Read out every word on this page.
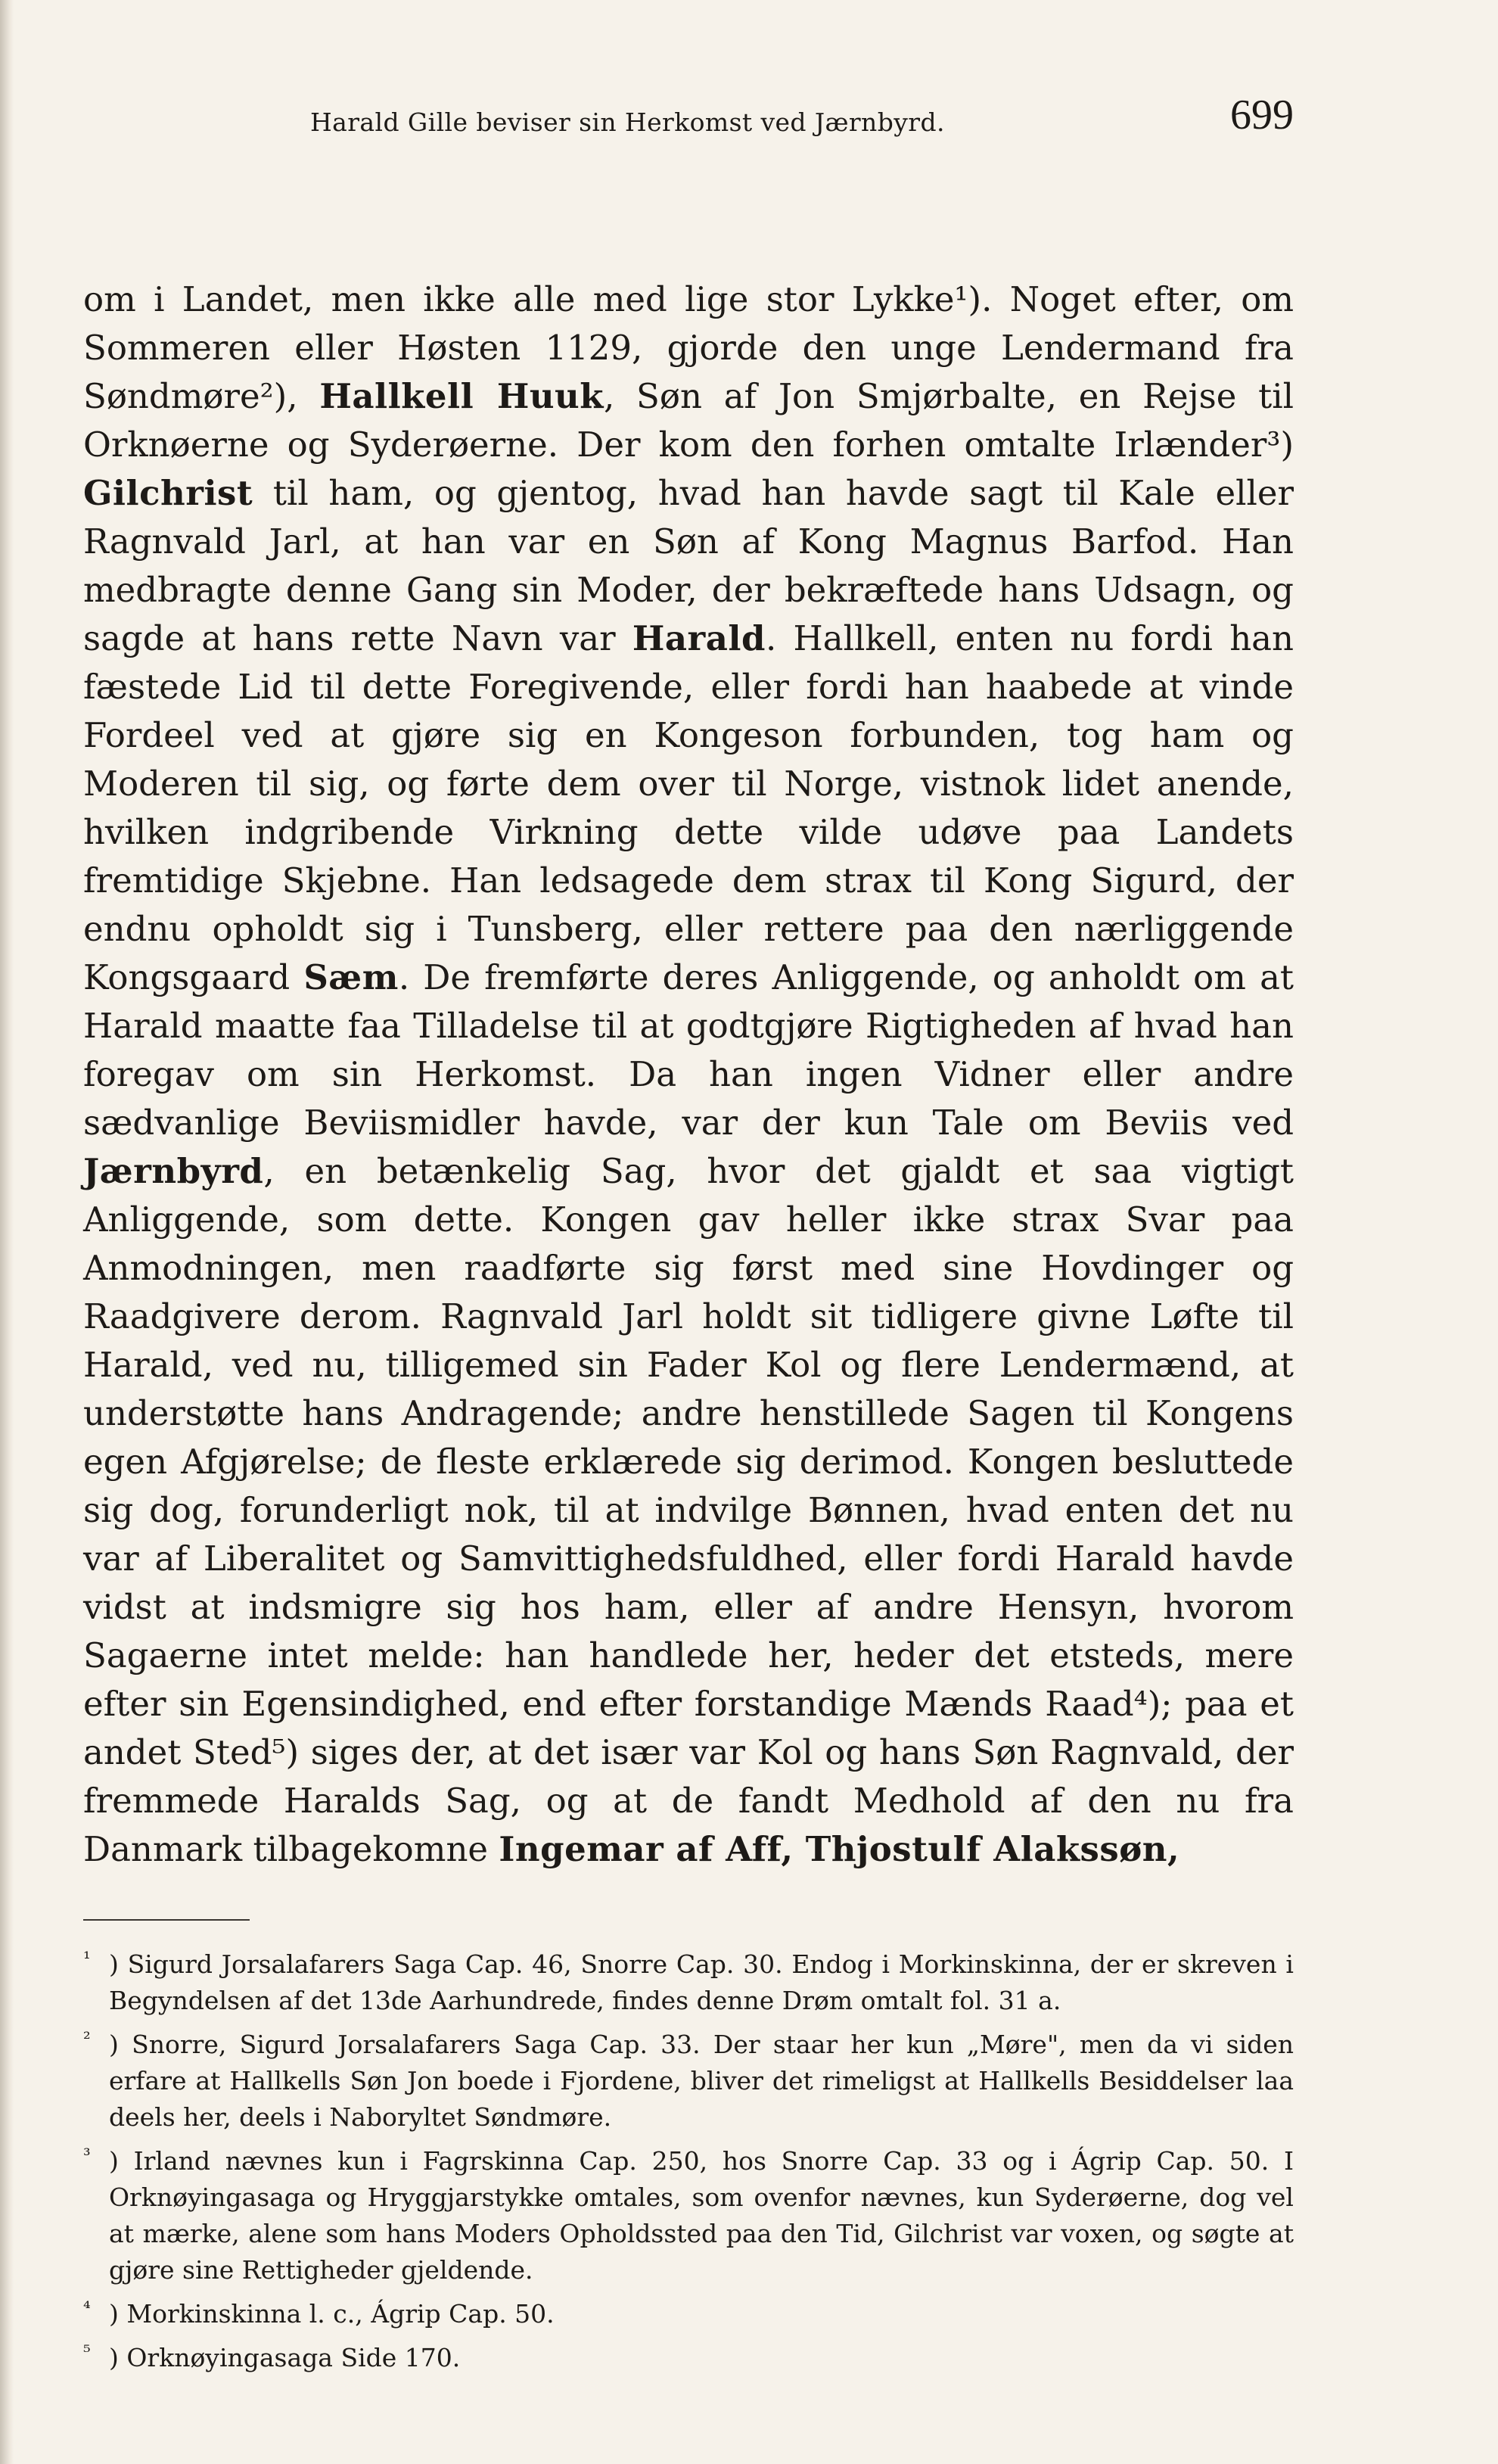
Harald Gille beviser sin Herkomst ved Jærnbyrd.	699

om i Landet, men ikke alle med lige stor Lykke¹). Noget efter, om Sommeren eller Høsten 1129, gjorde den unge Lendermand fra Søndmøre²), Hallkell Huuk, Søn af Jon Smjørbalte, en Rejse til Orknøerne og Syderøerne. Der kom den forhen omtalte Irlænder³) Gilchrist til ham, og gjentog, hvad han havde sagt til Kale eller Ragnvald Jarl, at han var en Søn af Kong Magnus Barfod. Han medbragte denne Gang sin Moder, der bekræftede hans Udsagn, og sagde at hans rette Navn var Harald. Hallkell, enten nu fordi han fæstede Lid til dette Foregivende, eller fordi han haabede at vinde Fordeel ved at gjøre sig en Kongeson forbunden, tog ham og Moderen til sig, og førte dem over til Norge, vistnok lidet anende, hvilken indgribende Virkning dette vilde udøve paa Landets fremtidige Skjebne. Han ledsagede dem strax til Kong Sigurd, der endnu opholdt sig i Tunsberg, eller rettere paa den nærliggende Kongsgaard Sæm. De fremførte deres Anliggende, og anholdt om at Harald maatte faa Tilladelse til at godtgjøre Rigtigheden af hvad han foregav om sin Herkomst. Da han ingen Vidner eller andre sædvanlige Beviismidler havde, var der kun Tale om Beviis ved Jærnbyrd, en betænkelig Sag, hvor det gjaldt et saa vigtigt Anliggende, som dette. Kongen gav heller ikke strax Svar paa Anmodningen, men raadførte sig først med sine Hovdinger og Raadgivere derom. Ragnvald Jarl holdt sit tidligere givne Løfte til Harald, ved nu, tilligemed sin Fader Kol og flere Lendermænd, at understøtte hans Andragende; andre henstillede Sagen til Kongens egen Afgjørelse; de fleste erklærede sig derimod. Kongen besluttede sig dog, forunderligt nok, til at indvilge Bønnen, hvad enten det nu var af Liberalitet og Samvittighedsfuldhed, eller fordi Harald havde vidst at indsmigre sig hos ham, eller af andre Hensyn, hvorom Sagaerne intet melde: han handlede her, heder det etsteds, mere efter sin Egensindighed, end efter forstandige Mænds Raad⁴); paa et andet Sted⁵) siges der, at det især var Kol og hans Søn Ragnvald, der fremmede Haralds Sag, og at de fandt Medhold af den nu fra Danmark tilbagekomne Ingemar af Aff, Thjostulf Alakssøn,

¹ ) Sigurd Jorsalafarers Saga Cap. 46, Snorre Cap. 30. Endog i Morkinskinna, der er skreven i Begyndelsen af det 13de Aarhundrede, findes denne Drøm omtalt fol. 31 a.
² ) Snorre, Sigurd Jorsalafarers Saga Cap. 33. Der staar her kun „Møre", men da vi siden erfare at Hallkells Søn Jon boede i Fjordene, bliver det rimeligst at Hallkells Besiddelser laa deels her, deels i Naboryltet Søndmøre.
³ ) Irland nævnes kun i Fagrskinna Cap. 250, hos Snorre Cap. 33 og i Ágrip Cap. 50. I Orknøyingasaga og Hryggjarstykke omtales, som ovenfor nævnes, kun Syderøerne, dog vel at mærke, alene som hans Moders Opholdssted paa den Tid, Gilchrist var voxen, og søgte at gjøre sine Rettigheder gjeldende.
⁴ ) Morkinskinna l. c., Ágrip Cap. 50.
⁵ ) Orknøyingasaga Side 170.
